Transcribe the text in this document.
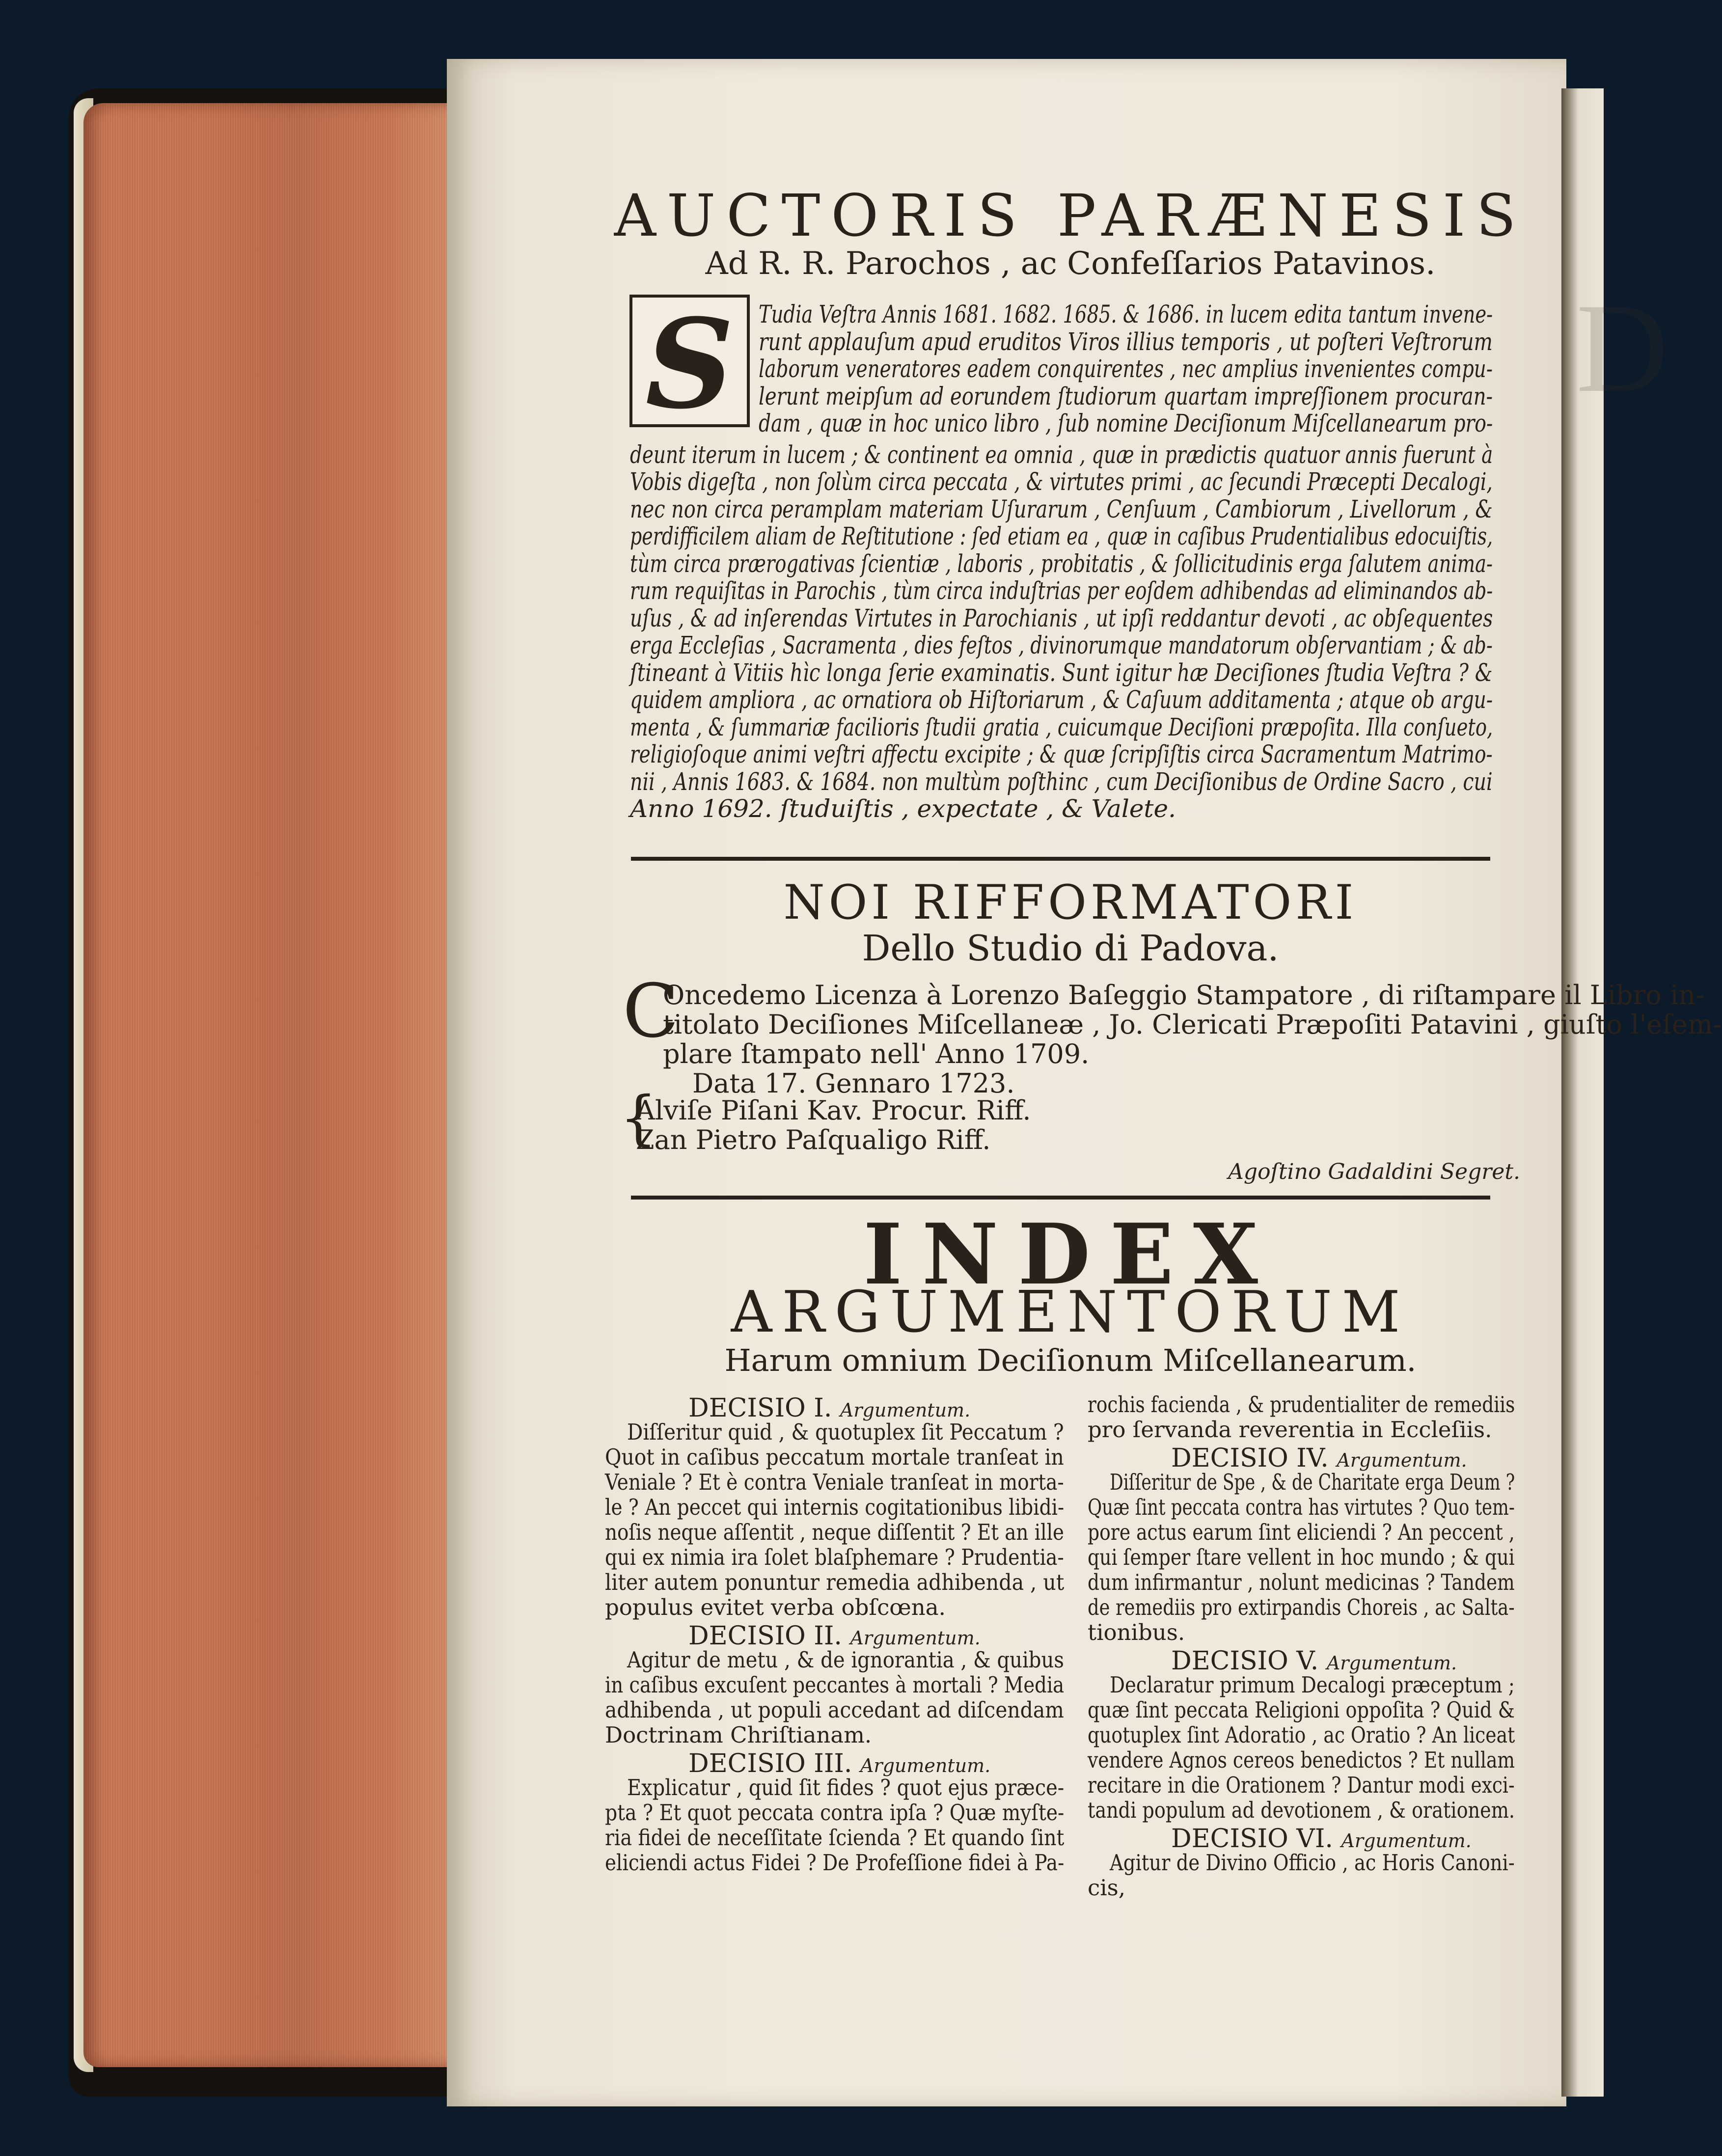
AUCTORIS PARÆNESIS
Ad R. R. Parochos , ac Confeſſarios Patavinos.
S	Tudia Veſtra Annis 1681. 1682. 1685. & 1686. in lucem edita tantum invene-
runt applauſum apud eruditos Viros illius temporis , ut poſteri Veſtrorum
laborum veneratores eadem conquirentes , nec amplius invenientes compu-
lerunt meipſum ad eorundem ſtudiorum quartam impreſſionem procuran-
dam , quæ in hoc unico libro , ſub nomine Deciſionum Miſcellanearum pro-
deunt iterum in lucem ; & continent ea omnia , quæ in prædictis quatuor annis fuerunt à
Vobis digeſta , non ſolùm circa peccata , & virtutes primi , ac ſecundi Præcepti Decalogi,
nec non circa peramplam materiam Uſurarum , Cenſuum , Cambiorum , Livellorum , &
perdifficilem aliam de Reſtitutione : ſed etiam ea , quæ in caſibus Prudentialibus edocuiſtis,
tùm circa prærogativas ſcientiæ , laboris , probitatis , & ſollicitudinis erga ſalutem anima-
rum requiſitas in Parochis , tùm circa induſtrias per eoſdem adhibendas ad eliminandos ab-
uſus , & ad inſerendas Virtutes in Parochianis , ut ipſi reddantur devoti , ac obſequentes
erga Eccleſias , Sacramenta , dies feſtos , divinorumque mandatorum obſervantiam ; & ab-
ſtineant à Vitiis hìc longa ſerie examinatis. Sunt igitur hæ Deciſiones ſtudia Veſtra ? &
quidem ampliora , ac ornatiora ob Hiſtoriarum , & Caſuum additamenta ; atque ob argu-
menta , & ſummariæ facilioris ſtudii gratia , cuicumque Deciſioni præpoſita. Illa conſueto,
religioſoque animi veſtri affectu excipite ; & quæ ſcripſiſtis circa Sacramentum Matrimo-
nii , Annis 1683. & 1684. non multùm poſthinc , cum Deciſionibus de Ordine Sacro , cui
Anno 1692. ſtuduiſtis , expectate , & Valete.
NOI RIFFORMATORI
Dello Studio di Padova.
C
Oncedemo Licenza à Lorenzo Baſeggio Stampatore , di riſtampare il Libro in-
titolato Deciſiones Miſcellaneæ , Jo. Clericati Præpoſiti Patavini , giuſto l'eſem-
plare ſtampato nell' Anno 1709.
Data 17. Gennaro 1723.
{
Alviſe Piſani Kav. Procur. Riff.
Zan Pietro Paſqualigo Riff.
Agoſtino Gadaldini Segret.
INDEX
ARGUMENTORUM
Harum omnium Deciſionum Miſcellanearum.
DECISIO I. Argumentum.
Diſſeritur quid , & quotuplex ſit Peccatum ?
Quot in caſibus peccatum mortale tranſeat in
Veniale ? Et è contra Veniale tranſeat in morta-
le ? An peccet qui internis cogitationibus libidi-
noſis neque aſſentit , neque diſſentit ? Et an ille
qui ex nimia ira ſolet blaſphemare ? Prudentia-
liter autem ponuntur remedia adhibenda , ut
populus evitet verba obſcœna.
DECISIO II. Argumentum.
Agitur de metu , & de ignorantia , & quibus
in caſibus excuſent peccantes à mortali ? Media
adhibenda , ut populi accedant ad diſcendam
Doctrinam Chriſtianam.
DECISIO III. Argumentum.
Explicatur , quid ſit fides ? quot ejus præce-
pta ? Et quot peccata contra ipſa ? Quæ myſte-
ria fidei de neceſſitate ſcienda ? Et quando ſint
eliciendi actus Fidei ? De Profeſſione fidei à Pa-
rochis facienda , & prudentialiter de remediis
pro ſervanda reverentia in Eccleſiis.
DECISIO IV. Argumentum.
Diſſeritur de Spe , & de Charitate erga Deum ?
Quæ ſint peccata contra has virtutes ? Quo tem-
pore actus earum ſint eliciendi ? An peccent ,
qui ſemper ſtare vellent in hoc mundo ; & qui
dum infirmantur , nolunt medicinas ? Tandem
de remediis pro extirpandis Choreis , ac Salta-
tionibus.
DECISIO V. Argumentum.
Declaratur primum Decalogi præceptum ;
quæ ſint peccata Religioni oppoſita ? Quid &
quotuplex ſint Adoratio , ac Oratio ? An liceat
vendere Agnos cereos benedictos ? Et nullam
recitare in die Orationem ? Dantur modi exci-
tandi populum ad devotionem , & orationem.
DECISIO VI. Argumentum.
Agitur de Divino Officio , ac Horis Canoni-
cis,
D
